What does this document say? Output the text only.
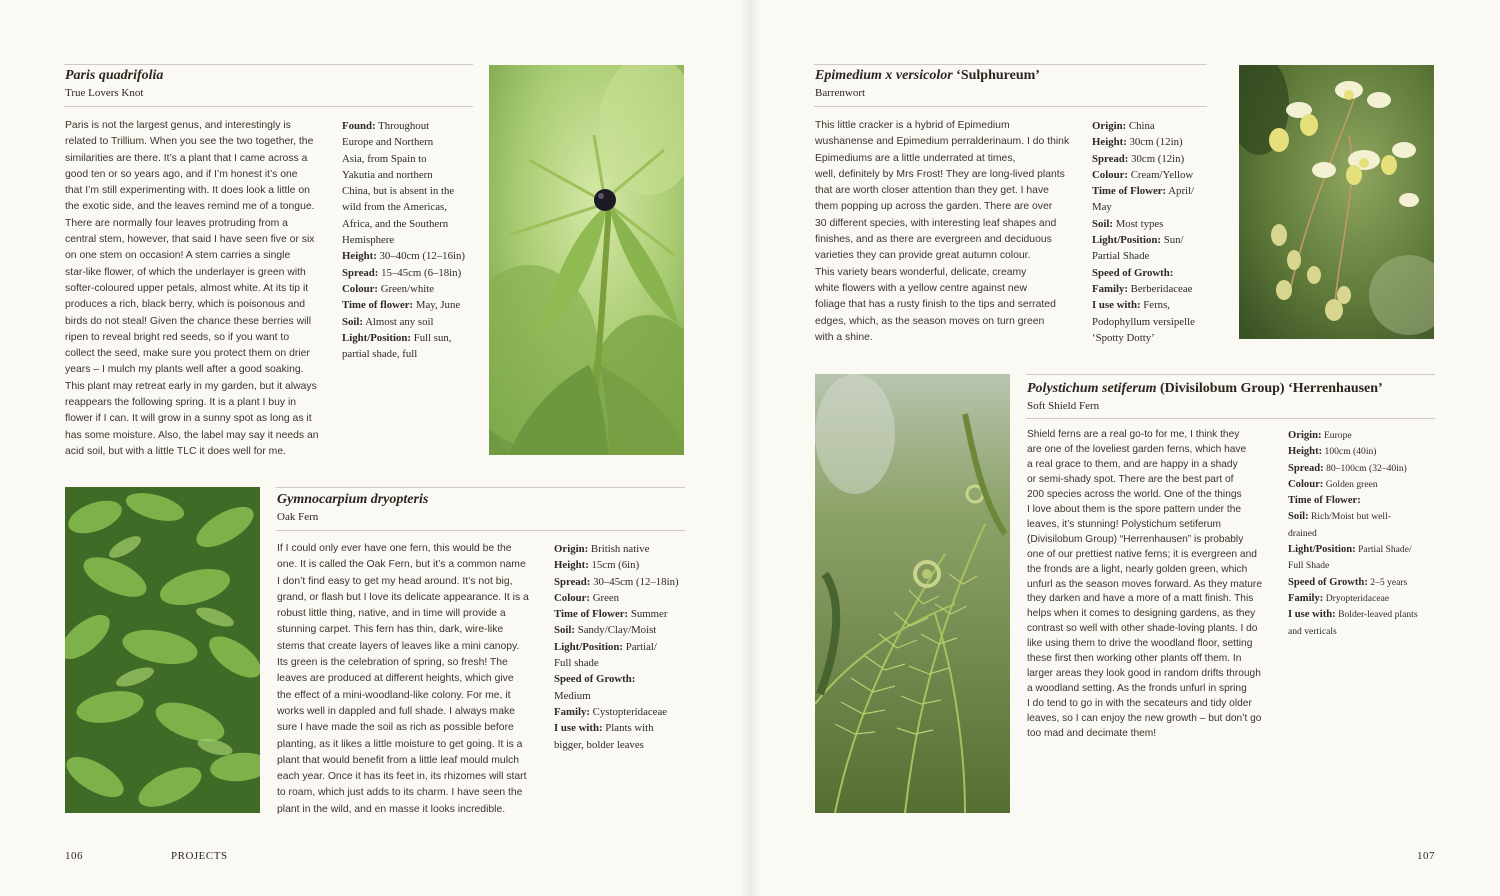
Paris quadrifolia
True Lovers Knot

Paris is not the largest genus, and interestingly is

related to Trillium. When you see the two together, the

similarities are there. It’s a plant that I came across a

good ten or so years ago, and if I’m honest it’s one

that I’m still experimenting with. It does look a little on

the exotic side, and the leaves remind me of a tongue.

There are normally four leaves protruding from a

central stem, however, that said I have seen five or six

on one stem on occasion! A stem carries a single

star-like flower, of which the underlayer is green with

softer-coloured upper petals, almost white. At its tip it

produces a rich, black berry, which is poisonous and

birds do not steal! Given the chance these berries will

ripen to reveal bright red seeds, so if you want to

collect the seed, make sure you protect them on drier

years – I mulch my plants well after a good soaking.

This plant may retreat early in my garden, but it always

reappears the following spring. It is a plant I buy in

flower if I can. It will grow in a sunny spot as long as it

has some moisture. Also, the label may say it needs an

acid soil, but with a little TLC it does well for me.

Found: Throughout
Europe and Northern
Asia, from Spain to
Yakutia and northern
China, but is absent in the
wild from the Americas,
Africa, and the Southern
Hemisphere
Height: 30–40cm (12–16in)
Spread: 15–45cm (6–18in)
Colour: Green/white
Time of flower: May, June
Soil: Almost any soil
Light/Position: Full sun,
partial shade, full
Gymnocarpium dryopteris
Oak Fern

If I could only ever have one fern, this would be the

one. It is called the Oak Fern, but it’s a common name

I don’t find easy to get my head around. It’s not big,

grand, or flash but I love its delicate appearance. It is a

robust little thing, native, and in time will provide a

stunning carpet. This fern has thin, dark, wire-like

stems that create layers of leaves like a mini canopy.

Its green is the celebration of spring, so fresh! The

leaves are produced at different heights, which give

the effect of a mini-woodland-like colony. For me, it

works well in dappled and full shade. I always make

sure I have made the soil as rich as possible before

planting, as it likes a little moisture to get going. It is a

plant that would benefit from a little leaf mould mulch

each year. Once it has its feet in, its rhizomes will start

to roam, which just adds to its charm. I have seen the

plant in the wild, and en masse it looks incredible.

Origin: British native
Height: 15cm (6in)
Spread: 30–45cm (12–18in)
Colour: Green
Time of Flower: Summer
Soil: Sandy/Clay/Moist
Light/Position: Partial/
Full shade
Speed of Growth:
Medium
Family: Cystopteridaceae
I use with: Plants with
bigger, bolder leaves
106	PROJECTS
Epimedium x versicolor ‘Sulphureum’
Barrenwort

This little cracker is a hybrid of Epimedium

wushanense and Epimedium perralderinaum. I do think

Epimediums are a little underrated at times,

well, definitely by Mrs Frost! They are long-lived plants

that are worth closer attention than they get. I have

them popping up across the garden. There are over

30 different species, with interesting leaf shapes and

finishes, and as there are evergreen and deciduous

varieties they can provide great autumn colour.

This variety bears wonderful, delicate, creamy

white flowers with a yellow centre against new

foliage that has a rusty finish to the tips and serrated

edges, which, as the season moves on turn green

with a shine.

Origin: China
Height: 30cm (12in)
Spread: 30cm (12in)
Colour: Cream/Yellow
Time of Flower: April/
May
Soil: Most types
Light/Position: Sun/
Partial Shade
Speed of Growth:
Family: Berberidaceae
I use with: Ferns,
Podophyllum versipelle
‘Spotty Dotty’
Polystichum setiferum (Divisilobum Group) ‘Herrenhausen’
Soft Shield Fern

Shield ferns are a real go-to for me, I think they

are one of the loveliest garden ferns, which have

a real grace to them, and are happy in a shady

or semi-shady spot. There are the best part of

200 species across the world. One of the things

I love about them is the spore pattern under the

leaves, it’s stunning! Polystichum setiferum

(Divisilobum Group) “Herrenhausen” is probably

one of our prettiest native ferns; it is evergreen and

the fronds are a light, nearly golden green, which

unfurl as the season moves forward. As they mature

they darken and have a more of a matt finish. This

helps when it comes to designing gardens, as they

contrast so well with other shade-loving plants. I do

like using them to drive the woodland floor, setting

these first then working other plants off them. In

larger areas they look good in random drifts through

a woodland setting. As the fronds unfurl in spring

I do tend to go in with the secateurs and tidy older

leaves, so I can enjoy the new growth – but don’t go

too mad and decimate them!

Origin: Europe
Height: 100cm (40in)
Spread: 80–100cm (32–40in)
Colour: Golden green
Time of Flower:
Soil: Rich/Moist but well-
drained
Light/Position: Partial Shade/
Full Shade
Speed of Growth: 2–5 years
Family: Dryopteridaceae
I use with: Bolder-leaved plants
and verticals
107
